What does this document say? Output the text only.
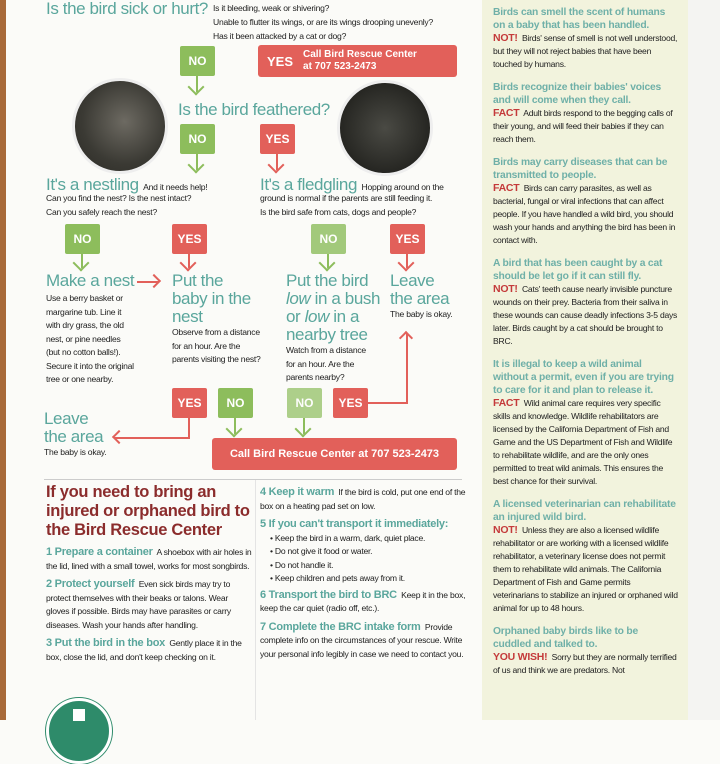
Is the bird sick or hurt? Is it bleeding, weak or shivering?
Unable to flutter its wings, or are its wings drooping unevenly?
Has it been attacked by a cat or dog?
NO	YES Call Bird Rescue Center
at 707 523-2473
Is the bird feathered?
NO	YES
It's a nestling And it needs help!
Can you find the nest? Is the nest intact?
Can you safely reach the nest?
It's a fledgling Hopping around on the
ground is normal if the parents are still feeding it.
Is the bird safe from cats, dogs and people?
NO	YES	NO	YES
Make a nest
Use a berry basket or margarine tub. Line it with dry grass, the old nest, or pine needles (but no cotton balls!). Secure it into the original tree or one nearby.
Put the baby in the nest
Observe from a distance for an hour. Are the parents visiting the nest?
Put the bird
low in a bush
or low in a
nearby tree
Watch from a distance for an hour. Are the parents nearby?
Leave the area
The baby is okay.
YES	NO	NO	YES
Leave the area
The baby is okay.	Call Bird Rescue Center at 707 523-2473
If you need to bring an injured or orphaned bird to the Bird Rescue Center
1 Prepare a container A shoebox with air holes in the lid, lined with a small towel, works for most songbirds.
2 Protect yourself Even sick birds may try to protect themselves with their beaks or talons. Wear gloves if possible. Birds may have parasites or carry diseases. Wash your hands after handling.
3 Put the bird in the box Gently place it in the box, close the lid, and don't keep checking on it.
4 Keep it warm If the bird is cold, put one end of the box on a heating pad set on low.
5 If you can't transport it immediately:
• Keep the bird in a warm, dark, quiet place.
• Do not give it food or water.
• Do not handle it.
• Keep children and pets away from it.
6 Transport the bird to BRC Keep it in the box, keep the car quiet (radio off, etc.).
7 Complete the BRC intake form Provide complete info on the circumstances of your rescue. Write your personal info legibly in case we need to contact you.
Birds can smell the scent of humans on a baby that has been handled.
NOT! Birds' sense of smell is not well understood, but they will not reject babies that have been touched by humans.
Birds recognize their babies' voices and will come when they call.
FACT Adult birds respond to the begging calls of their young, and will feed their babies if they can reach them.
Birds may carry diseases that can be transmitted to people.
FACT Birds can carry parasites, as well as bacterial, fungal or viral infections that can affect people. If you have handled a wild bird, you should wash your hands and anything the bird has been in contact with.
A bird that has been caught by a cat should be let go if it can still fly.
NOT! Cats' teeth cause nearly invisible puncture wounds on their prey. Bacteria from their saliva in these wounds can cause deadly infections 3-5 days later. Birds caught by a cat should be brought to BRC.
It is illegal to keep a wild animal without a permit, even if you are trying to care for it and plan to release it.
FACT Wild animal care requires very specific skills and knowledge. Wildlife rehabilitators are licensed by the California Department of Fish and Game and the US Department of Fish and Wildlife to rehabilitate wildlife, and are the only ones permitted to treat wild animals. This ensures the best chance for their survival.
A licensed veterinarian can rehabilitate an injured wild bird.
NOT! Unless they are also a licensed wildlife rehabilitator or are working with a licensed wildlife rehabilitator, a veterinary license does not permit them to rehabilitate wild animals. The California Department of Fish and Game permits veterinarians to stabilize an injured or orphaned wild animal for up to 48 hours.
Orphaned baby birds like to be cuddled and talked to.
YOU WISH! Sorry but they are normally terrified of us and think we are predators. Not
